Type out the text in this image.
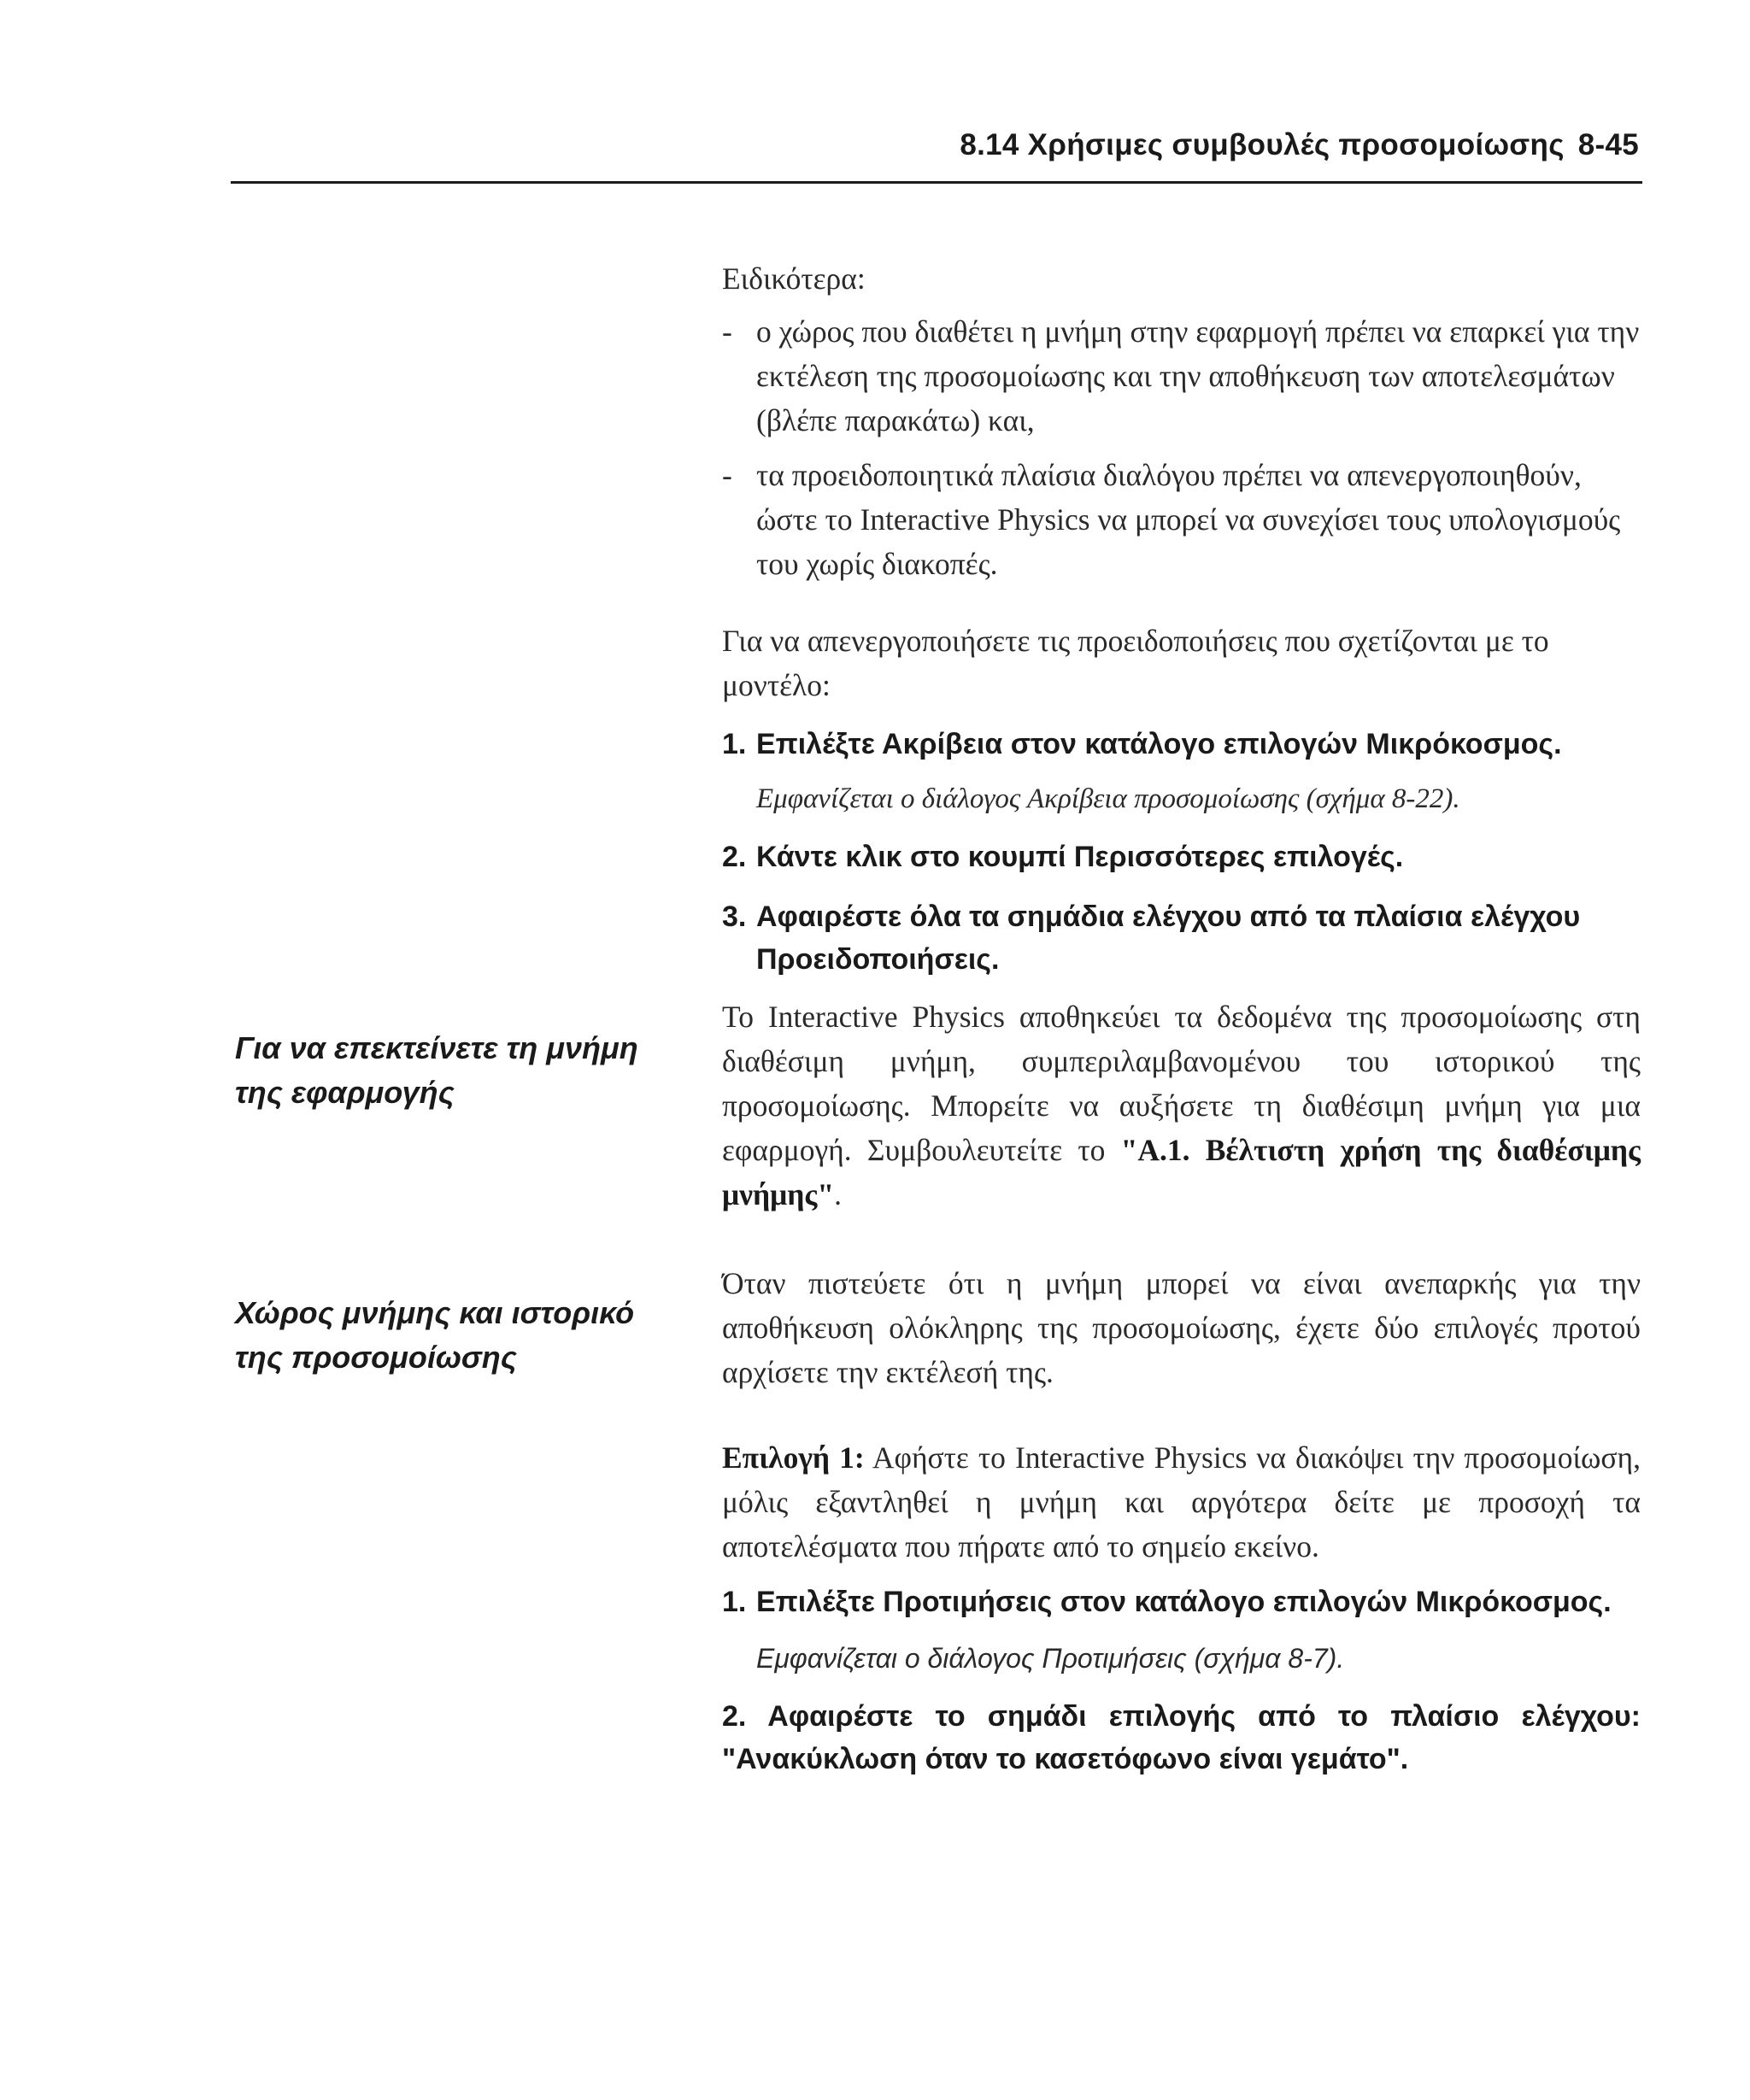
8.14 Χρήσιμες συμβουλές προσομοίωσης 8-45
Για να επεκτείνετε τη μνήμη της εφαρμογής
Χώρος μνήμης και ιστορικό της προσομοίωσης

Ειδικότερα:

- ο χώρος που διαθέτει η μνήμη στην εφαρμογή πρέπει να επαρκεί για την εκτέλεση της προσομοίωσης και την αποθήκευση των αποτελεσμάτων (βλέπε παρακάτω) και,
- τα προειδοποιητικά πλαίσια διαλόγου πρέπει να απενεργοποιηθούν, ώστε το Interactive Physics να μπορεί να συνεχίσει τους υπολογισμούς του χωρίς διακοπές.

Για να απενεργοποιήσετε τις προειδοποιήσεις που σχετίζονται με το μοντέλο:

1. Επιλέξτε Ακρίβεια στον κατάλογο επιλογών Μικρόκοσμος.
Εμφανίζεται ο διάλογος Ακρίβεια προσομοίωσης (σχήμα 8-22).
2. Κάντε κλικ στο κουμπί Περισσότερες επιλογές.
3. Αφαιρέστε όλα τα σημάδια ελέγχου από τα πλαίσια ελέγχου Προειδοποιήσεις.

Το Interactive Physics αποθηκεύει τα δεδομένα της προσομοίωσης στη διαθέσιμη μνήμη, συμπεριλαμβανομένου του ιστορικού της προσομοίωσης. Μπορείτε να αυξήσετε τη διαθέσιμη μνήμη για μια εφαρμογή. Συμβουλευτείτε το "Α.1. Βέλτιστη χρήση της διαθέσιμης μνήμης".

Όταν πιστεύετε ότι η μνήμη μπορεί να είναι ανεπαρκής για την αποθήκευση ολόκληρης της προσομοίωσης, έχετε δύο επιλογές προτού αρχίσετε την εκτέλεσή της.

Επιλογή 1: Αφήστε το Interactive Physics να διακόψει την προσομοίωση, μόλις εξαντληθεί η μνήμη και αργότερα δείτε με προσοχή τα αποτελέσματα που πήρατε από το σημείο εκείνο.

1. Επιλέξτε Προτιμήσεις στον κατάλογο επιλογών Μικρόκοσμος.
Εμφανίζεται ο διάλογος Προτιμήσεις (σχήμα 8-7).
2. Αφαιρέστε το σημάδι επιλογής από το πλαίσιο ελέγχου: "Ανακύκλωση όταν το κασετόφωνο είναι γεμάτο".
